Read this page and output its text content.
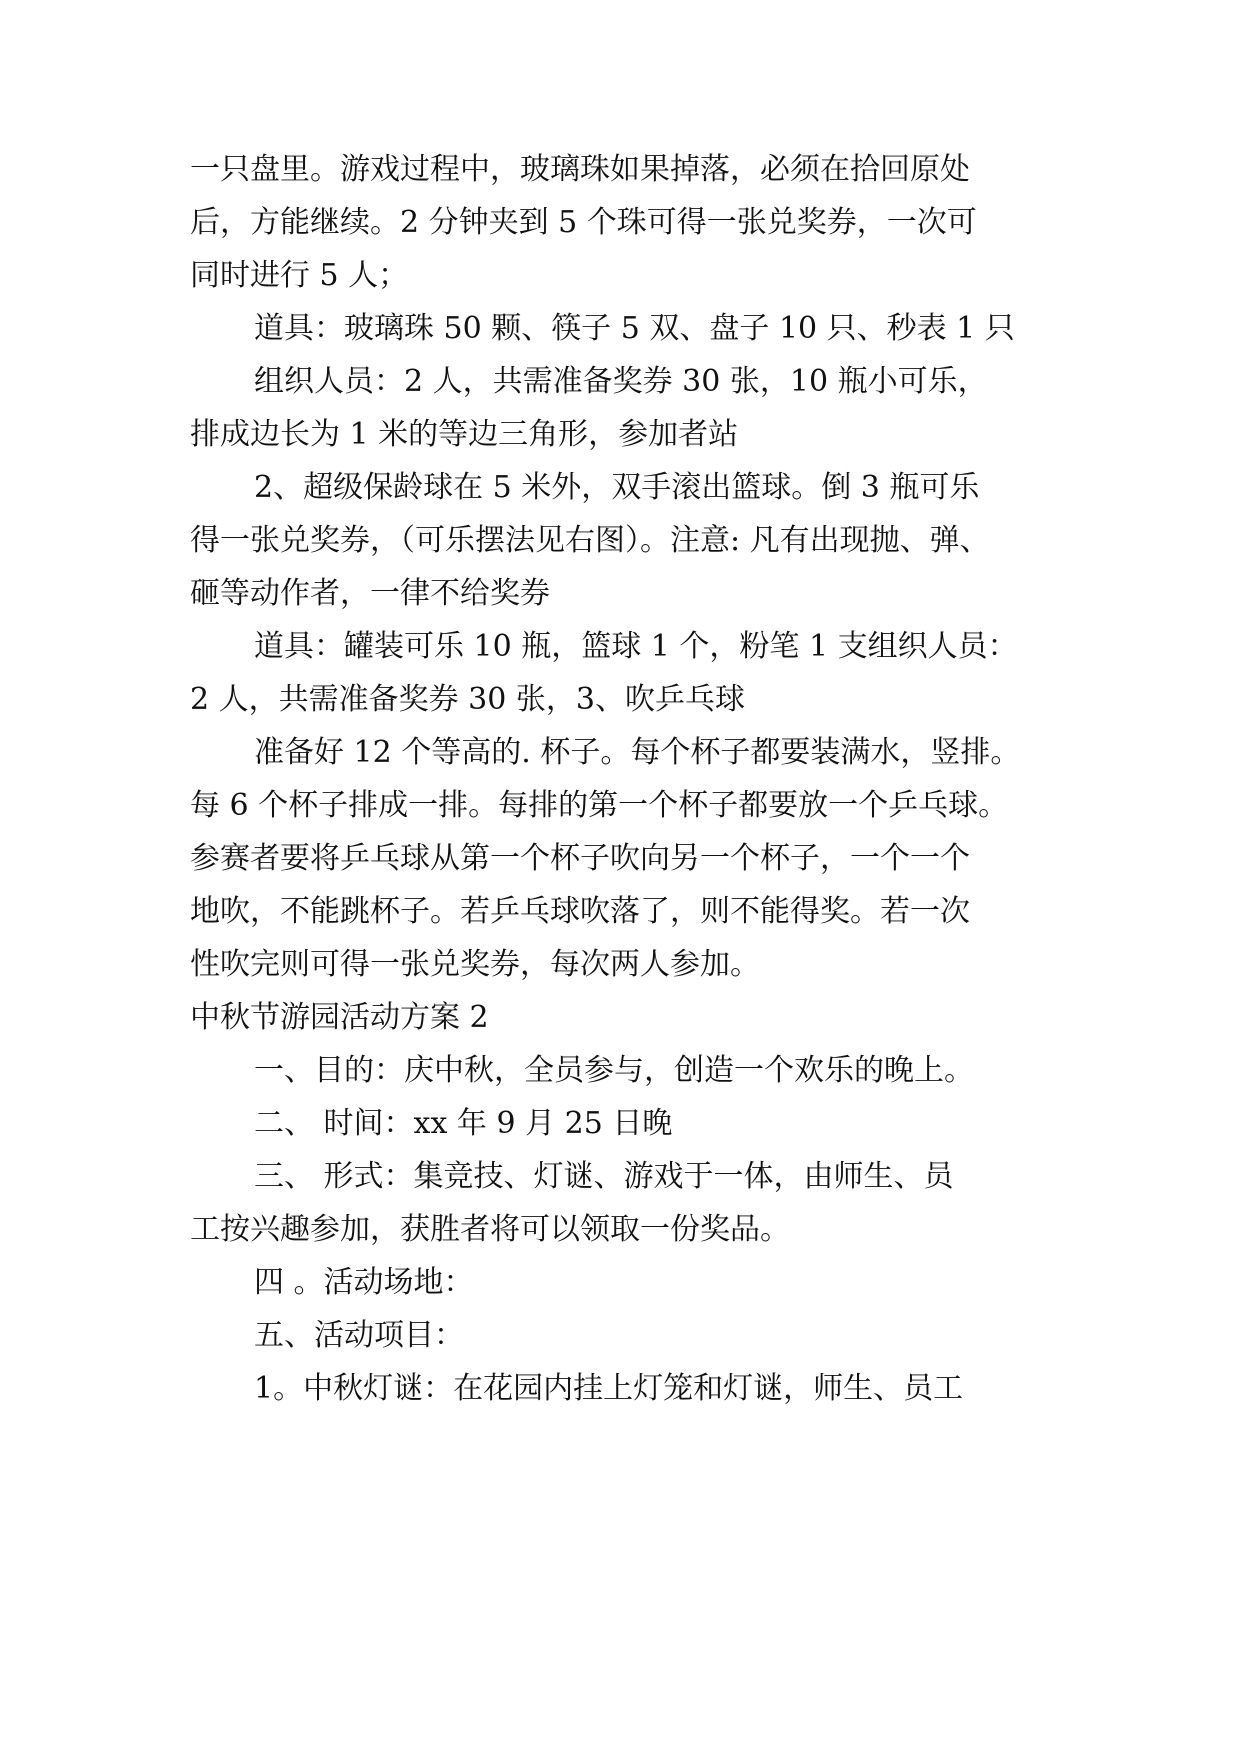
一只盘里。游戏过程中，玻璃珠如果掉落，必须在拾回原处
后，方能继续。2 分钟夹到 5 个珠可得一张兑奖券，一次可
同时进行 5 人；
道具：玻璃珠 50 颗、筷子 5 双、盘子 10 只、秒表 1 只
组织人员：2 人，共需准备奖券 30 张，10 瓶小可乐，
排成边长为 1 米的等边三角形，参加者站
2、超级保龄球在 5 米外，双手滚出篮球。倒 3 瓶可乐
得一张兑奖券，（可乐摆法见右图）。注意: 凡有出现抛、弹、
砸等动作者，一律不给奖券
道具：罐装可乐 10 瓶，篮球 1 个，粉笔 1 支组织人员：
2 人，共需准备奖券 30 张，3、吹乒乓球
准备好 12 个等高的. 杯子。每个杯子都要装满水，竖排。
每 6 个杯子排成一排。每排的第一个杯子都要放一个乒乓球。
参赛者要将乒乓球从第一个杯子吹向另一个杯子，一个一个
地吹，不能跳杯子。若乒乓球吹落了，则不能得奖。若一次
性吹完则可得一张兑奖券，每次两人参加。
中秋节游园活动方案 2
一、目的：庆中秋，全员参与，创造一个欢乐的晚上。
二、 时间：xx 年 9 月 25 日晚
三、 形式：集竞技、灯谜、游戏于一体，由师生、员
工按兴趣参加，获胜者将可以领取一份奖品。
四 。活动场地：
五、活动项目：
1。中秋灯谜：在花园内挂上灯笼和灯谜，师生、员工
